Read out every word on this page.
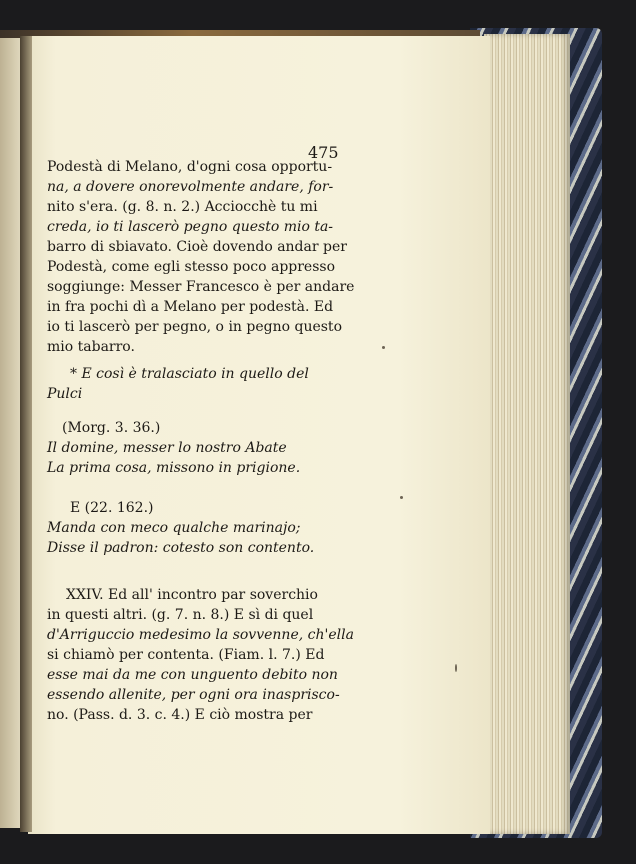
475
Podestà di Melano, d'ogni cosa opportu-
na, a dovere onorevolmente andare, for-
nito s'era. (g. 8. n. 2.) Acciocchè tu mi
creda, io ti lascerò pegno questo mio ta-
barro di sbiavato. Cioè dovendo andar per
Podestà, come egli stesso poco appresso
soggiunge: Messer Francesco è per andare
in fra pochi dì a Melano per podestà. Ed
io ti lascerò per pegno, o in pegno questo
mio tabarro.
* E così è tralasciato in quello del
Pulci
(Morg. 3. 36.)
Il domine, messer lo nostro Abate
La prima cosa, missono in prigione.
E (22. 162.)
Manda con meco qualche marinajo;
Disse il padron: cotesto son contento.
XXIV. Ed all' incontro par soverchio
in questi altri. (g. 7. n. 8.) E sì di quel
d'Arriguccio medesimo la sovvenne, ch'ella
si chiamò per contenta. (Fiam. l. 7.) Ed
esse mai da me con unguento debito non
essendo allenite, per ogni ora inasprisco-
no. (Pass. d. 3. c. 4.) E ciò mostra per
